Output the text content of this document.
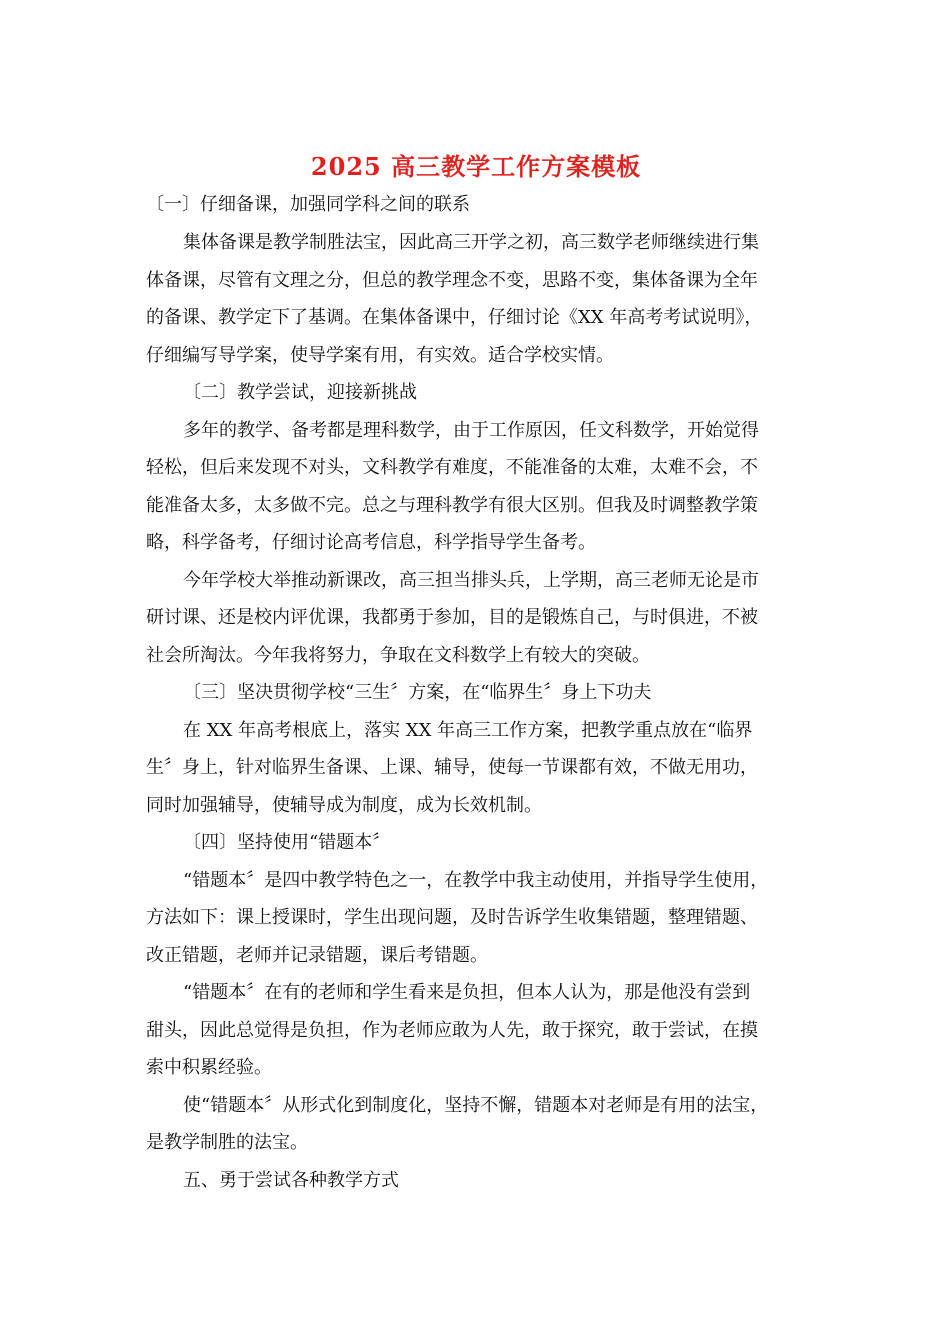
2025 高三教学工作方案模板

〔一〕仔细备课，加强同学科之间的联系

集体备课是教学制胜法宝，因此高三开学之初，高三数学老师继续进行集

体备课，尽管有文理之分，但总的教学理念不变，思路不变，集体备课为全年

的备课、教学定下了基调。在集体备课中，仔细讨论《XX 年高考考试说明》，

仔细编写导学案，使导学案有用，有实效。适合学校实情。

〔二〕教学尝试，迎接新挑战

多年的教学、备考都是理科数学，由于工作原因，任文科数学，开始觉得

轻松，但后来发现不对头，文科教学有难度，不能准备的太难，太难不会，不

能准备太多，太多做不完。总之与理科教学有很大区别。但我及时调整教学策

略，科学备考，仔细讨论高考信息，科学指导学生备考。

今年学校大举推动新课改，高三担当排头兵，上学期，高三老师无论是市

研讨课、还是校内评优课，我都勇于参加，目的是锻炼自己，与时俱进，不被

社会所淘汰。今年我将努力，争取在文科数学上有较大的突破。

〔三〕坚决贯彻学校“三生〞方案，在“临界生〞身上下功夫

在 XX 年高考根底上，落实 XX 年高三工作方案，把教学重点放在“临界

生〞身上，针对临界生备课、上课、辅导，使每一节课都有效，不做无用功，

同时加强辅导，使辅导成为制度，成为长效机制。

〔四〕坚持使用“错题本〞

“错题本〞是四中教学特色之一，在教学中我主动使用，并指导学生使用，

方法如下：课上授课时，学生出现问题，及时告诉学生收集错题，整理错题、

改正错题，老师并记录错题，课后考错题。

“错题本〞在有的老师和学生看来是负担，但本人认为，那是他没有尝到

甜头，因此总觉得是负担，作为老师应敢为人先，敢于探究，敢于尝试，在摸

索中积累经验。

使“错题本〞从形式化到制度化，坚持不懈，错题本对老师是有用的法宝，

是教学制胜的法宝。

五、勇于尝试各种教学方式
